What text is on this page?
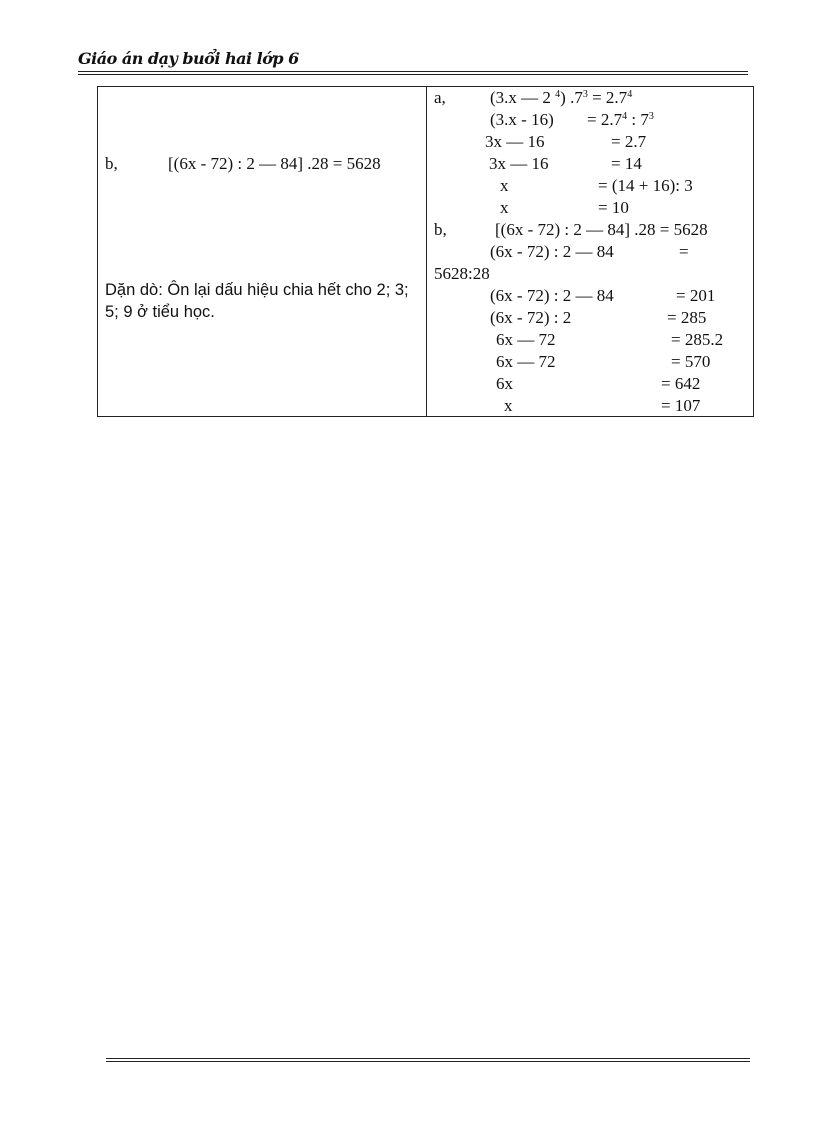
Giáo án dạy buổi hai lớp 6
b,	[(6x - 72) : 2 — 84] .28 = 5628
Dặn dò: Ôn lại dấu hiệu chia hết cho 2; 3; 5; 9 ở tiểu học.
a,	(3.x — 2 $^4$) $.7^3 = 2.7^4$
$(3.x - 16) = 2.7^4$ : $7^3$
3x — 16	= 2.7
3x — 16	= 14
x	= (14 + 16): 3
x	= 10
b,	[(6x - 72) : 2 — 84] .28 = 5628
(6x - 72) : 2 — 84	=
5628:28
(6x - 72) : 2 — 84	= 201
(6x - 72) : 2	= 285
6x — 72	= 285.2
6x — 72	= 570
6x	= 642
x	= 107
